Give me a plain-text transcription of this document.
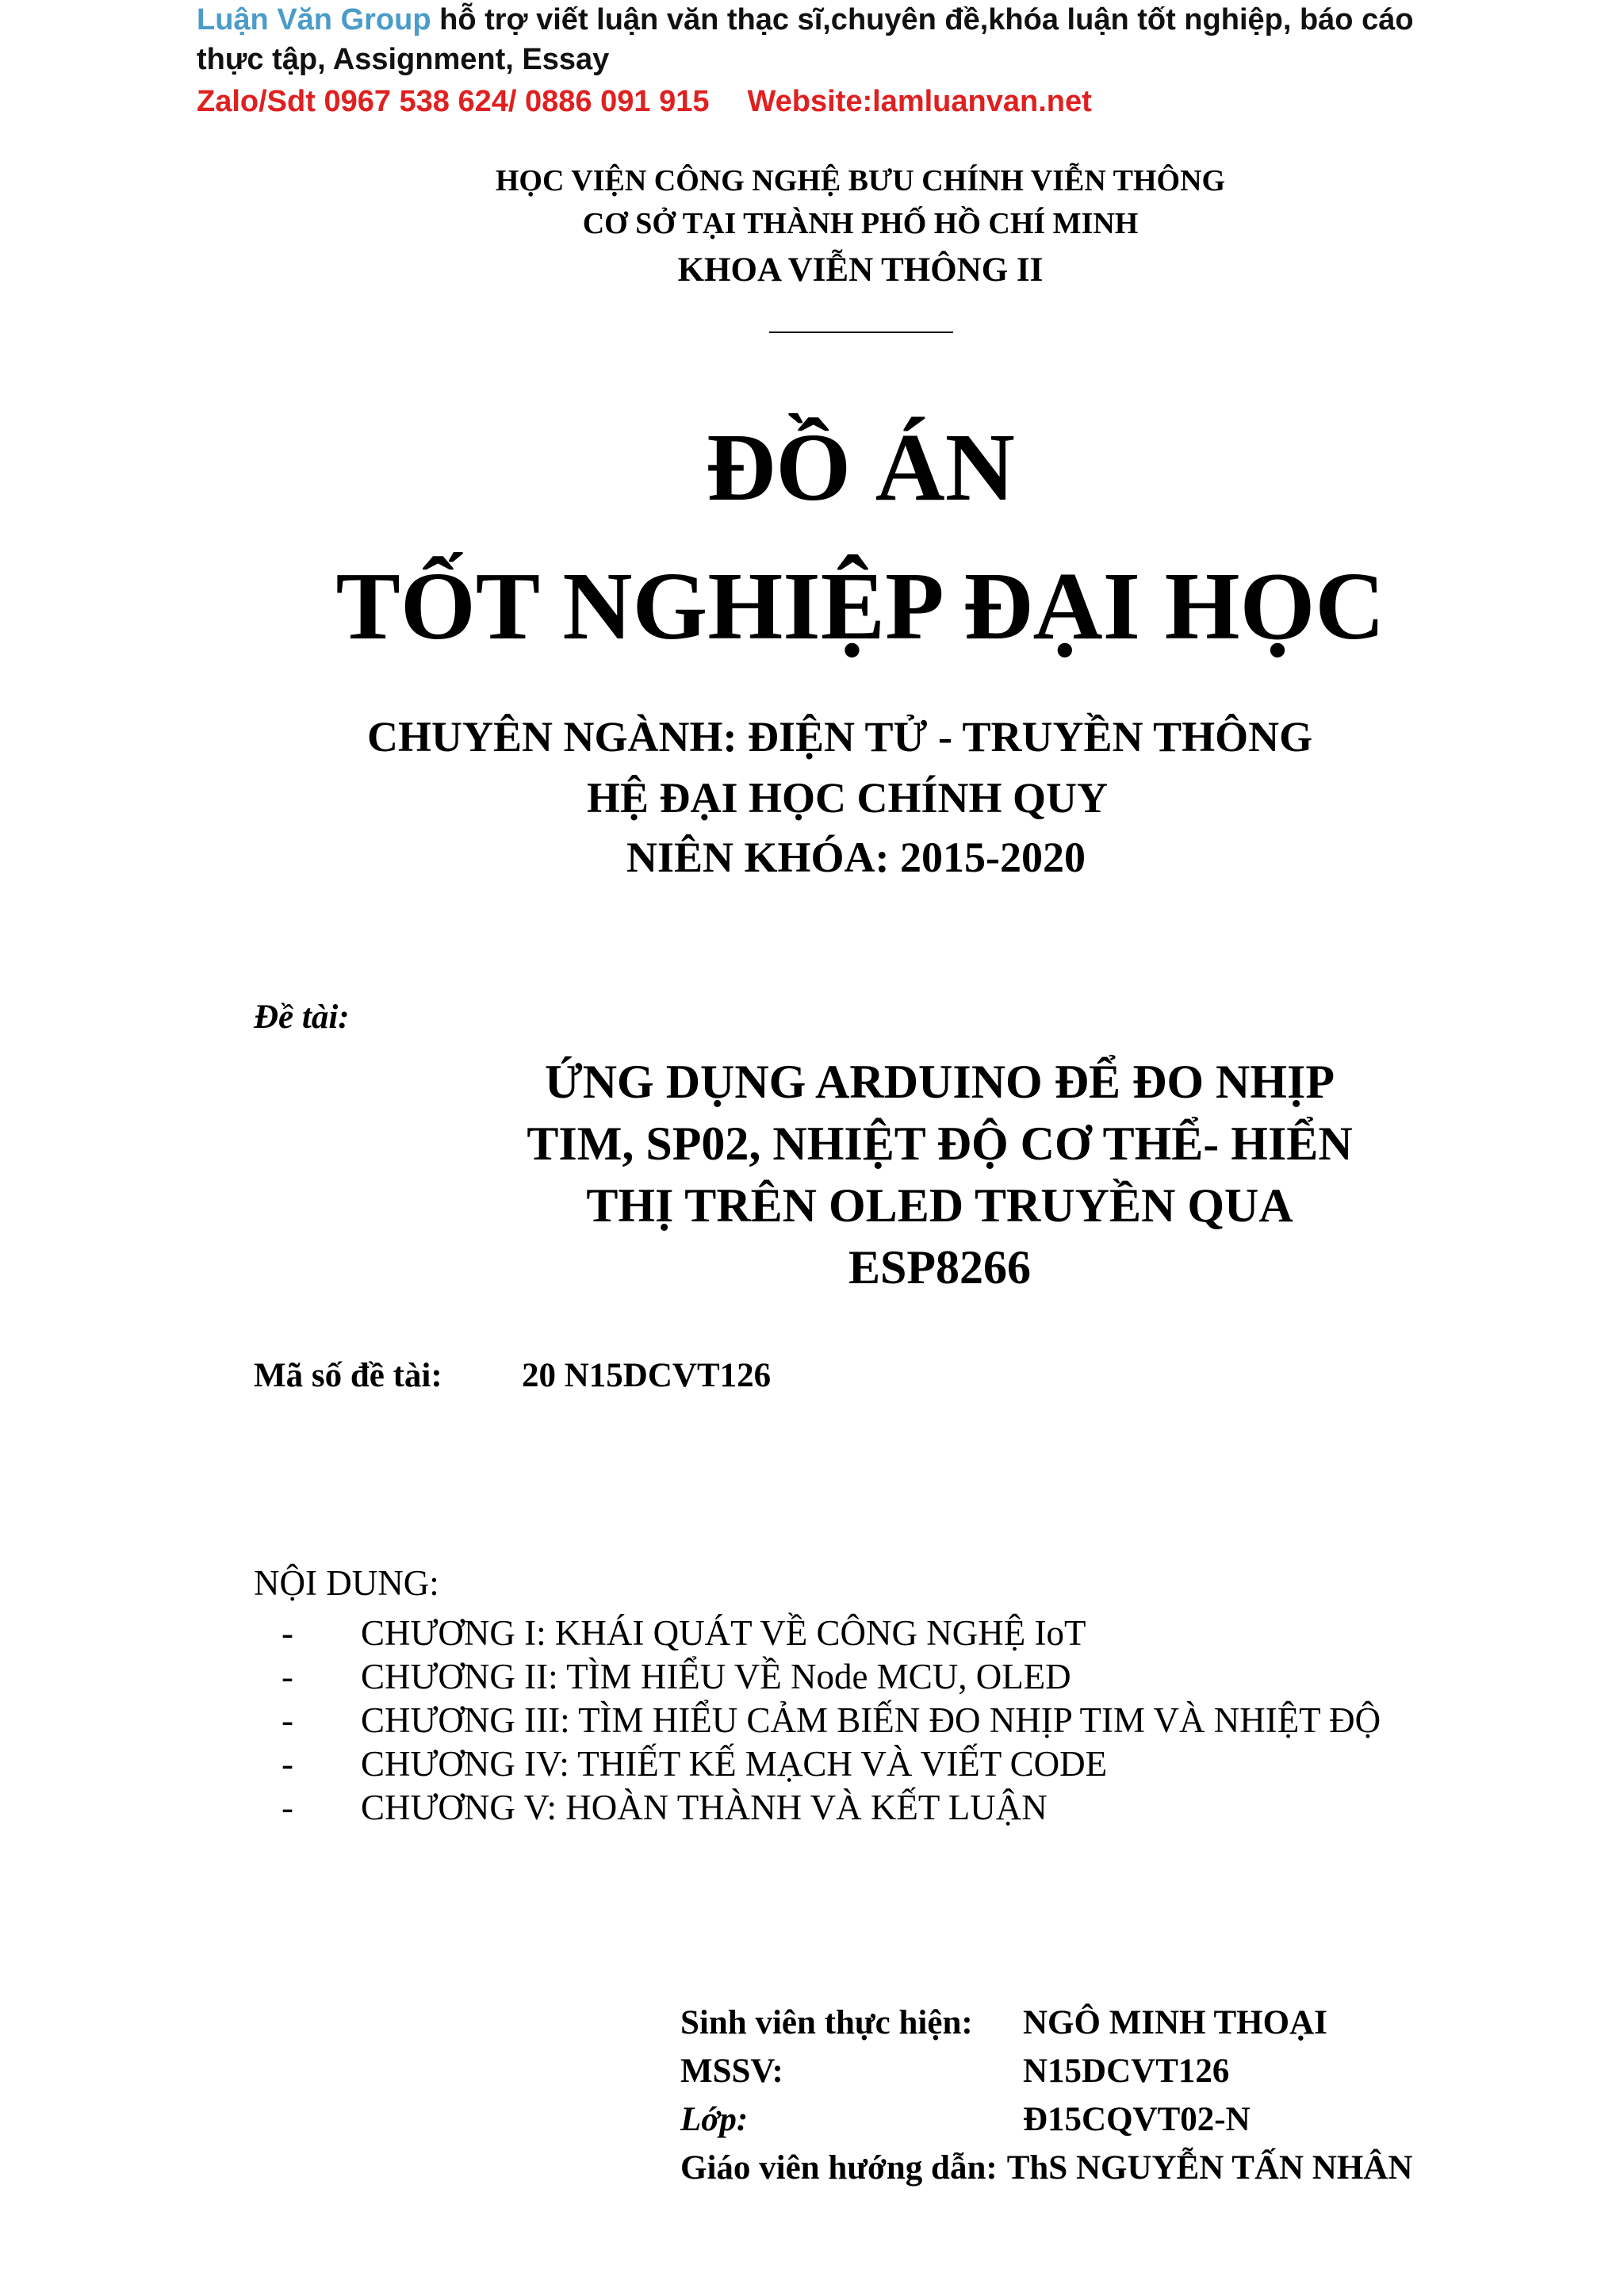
Luận Văn Group hỗ trợ viết luận văn thạc sĩ,chuyên đề,khóa luận tốt nghiệp, báo cáo thực tập, Assignment, Essay
Zalo/Sdt 0967 538 624/ 0886 091 915 Website:lamluanvan.net
HỌC VIỆN CÔNG NGHỆ BƯU CHÍNH VIỄN THÔNG
CƠ SỞ TẠI THÀNH PHỐ HỒ CHÍ MINH
KHOA VIỄN THÔNG II
ĐỒ ÁN
TỐT NGHIỆP ĐẠI HỌC
CHUYÊN NGÀNH: ĐIỆN TỬ - TRUYỀN THÔNG
HỆ ĐẠI HỌC CHÍNH QUY
NIÊN KHÓA: 2015-2020
Đề tài:
ỨNG DỤNG ARDUINO ĐỂ ĐO NHỊP
TIM, SP02, NHIỆT ĐỘ CƠ THỂ- HIỂN
THỊ TRÊN OLED TRUYỀN QUA
ESP8266
Mã số đề tài: 20 N15DCVT126
NỘI DUNG:
- CHƯƠNG I: KHÁI QUÁT VỀ CÔNG NGHỆ IoT
- CHƯƠNG II: TÌM HIỂU VỀ Node MCU, OLED
- CHƯƠNG III: TÌM HIỂU CẢM BIẾN ĐO NHỊP TIM VÀ NHIỆT ĐỘ
- CHƯƠNG IV: THIẾT KẾ MẠCH VÀ VIẾT CODE
- CHƯƠNG V: HOÀN THÀNH VÀ KẾT LUẬN
Sinh viên thực hiện: NGÔ MINH THOẠI
MSSV:	N15DCVT126
Lớp:	Đ15CQVT02-N
Giáo viên hướng dẫn: ThS NGUYỄN TẤN NHÂN
